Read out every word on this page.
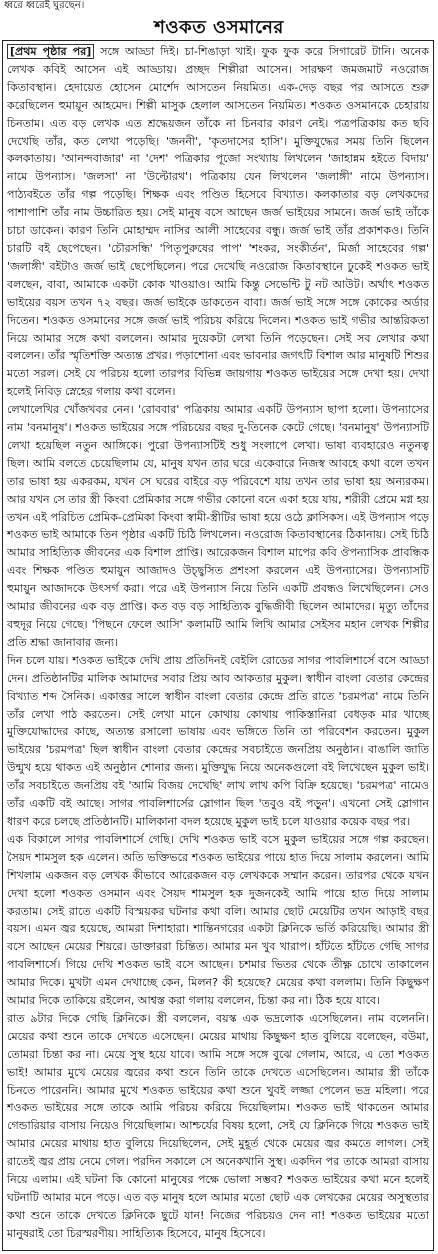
ধ্বরে ধ্বরেই ঘুরছেন।
শওকত ওসমানের

[প্রথম পৃষ্ঠার পর] সঙ্গে আড্ডা দিই। চা-শিঙাড়া খাই। ফুক ফুক করে সিগারেট টানি। অনেক লেখক কবিই আসেন এই আড্ডায়। প্রচ্ছদ শিল্পীরা আসেন। সারক্ষণ জমজমাট নওরোজ কিতাবস্থান। হেদায়েত হোসেন মোর্শেদ আসতেন নিয়মিত। এক-দেড় বছর পর আসতে শুরু করেছিলেন হুমায়ূন আহমেদ। শিল্পী মাসুক হেলাল আসতেন নিয়মিত। শওকত ওসমানকে চেহারায় চিনতাম। এত বড় লেখক এত শ্রদ্ধেয়জন তাঁকে না চিনবার কারণ নেই। পত্রপত্রিকায় কত ছবি দেখেছি তাঁর, কত লেখা পড়েছি। 'জননী', 'কৃতদাসের হাসি'। মুক্তিযুদ্ধের সময় তিনি ছিলেন কলকাতায়। 'আনন্দবাজার' না 'দেশ' পত্রিকার পূজো সংখ্যায় লিখলেন 'জাহান্নম হইতে বিদায়' নামে উপন্যাস। 'জলসা' না 'উল্টোরথ'। পত্রিকায় যেন লিখলেন 'জলাঙ্গী' নামে উপন্যাস। পাঠ্যবইতে তাঁর গল্প পড়েছি। শিক্ষক এবং পণ্ডিত হিসেবে বিখ্যাত। কলকাতার বড় লেখকদের পাশাপাশি তাঁর নাম উচ্চারিত হয়। সেই মানুষ বসে আছেন জর্জ ভাইয়ের সামনে। জর্জ ভাই তাঁকে চাচা ডাকেন। কারণ তিনি মোহাম্মদ নাসির আলী সাহেবের বন্ধু। জর্জ ভাই তাঁর প্রকাশকও। তিনি চারটি বই ছেপেছেন। 'চৌরসন্ধি' 'পিতৃপুরুষের পাপ' 'শংকর, সংকীর্তন', মির্জা সাহেবের গল্প' 'জলাঙ্গী' বইটাও জর্জ ভাই ছেপেছিলেন। পরে দেখেছি নওরোজ কিতাবস্থানে ঢুকেই শওকত ভাই বলছেন, বাবা, আমাকে একটা কোক খাওয়াও। আমি কিন্তু সেভেন্টি টু নট আউট। অর্থাৎ শওকত ভাইয়ের বয়স তখন ৭২ বছর। জর্জ ভাইকে ডাকতেন বাবা। জর্জ ভাই সঙ্গে সঙ্গে কোকের অর্ডার দিতেন। শওকত ওসমানের সঙ্গে জর্জ ভাই পরিচয় করিয়ে দিলেন। শওকত ভাই গভীর আন্তরিকতা নিয়ে আমার সঙ্গে কথা বললেন। আমার দুয়েকটা লেখা তিনি পড়েছেন। সেই সব লেখার কথা বললেন। তাঁর স্মৃতিশক্তি অত্যন্ত প্রখর। পড়াশোনা এবং ভাবনার জগৎটি বিশাল আর মানুষটি শিশুর মতো সরল। সেই যে পরিচয় হলো তারপর বিভিন্ন জায়গায় শওকত ভাইয়ের সঙ্গে দেখা হয়। দেখা হলেই নিবিড় স্নেহের গলায় কথা বলেন।

লেখালেখির খোঁজখবর নেন। 'রোববার' পত্রিকায় আমার একটি উপন্যাস ছাপা হলো। উপন্যাসের নাম 'বনমানুষ'। শওকত ভাইয়ের সঙ্গে পরিচয়ের বছর দু-তিনেক কেটে গেছে। 'বনমানুষ' উপন্যাসটি লেখা হয়েছিল নতুন আঙ্গিকে। পুরো উপন্যাসটিই শুধু সংলাপে লেখা। ভাষা ব্যবহারেও নতুনত্ব ছিল। আমি বলতে চেয়েছিলাম যে, মানুষ যখন তার ঘরে একেবারে নিজস্ব আবহে কথা বলে তখন তার ভাষা হয় একরকম, যখন সে ঘরের বাইরে বড় পরিবেশে যায় তখন তার ভাষা হয় অন্যরকম। আর যখন সে তার স্ত্রী কিংবা প্রেমিকার সঙ্গে গভীর কোনো বনে একা হয়ে যায়, শরীরী প্রেমে মগ্ন হয় তখন এই পরিচিত প্রেমিক-প্রেমিকা কিংবা স্বামী-স্ত্রীটির ভাষা হয়ে ওঠে ক্লাসিকস। এই উপন্যাস পড়ে শওকত ভাই আমাকে তিন পৃষ্ঠার একটি চিঠি লিখলেন। নওরোজ কিতাবস্থানের ঠিকানায়। সেই চিঠি আমার সাহিত্যিক জীবনের এক বিশাল প্রাপ্তি। আরেকজন বিশাল মাপের কবি ঔপন্যাসিক প্রাবন্ধিক এবং শিক্ষক পণ্ডিত হুমায়ুন আজাদও উচ্ছ্বসিত প্রশংসা করলেন এই উপন্যাসের। উপন্যাসটি হুমায়ুন আজাদকে উৎসর্গ করা। পরে এই উপন্যাস নিয়ে তিনি একটি প্রবন্ধও লিখেছিলেন। সেও আমার জীবনের এক বড় প্রাপ্তি। কত বড় বড় সাহিত্যিক বুদ্ধিজীবী ছিলেন আমাদের। মৃত্যু তাঁদের বহুদূর নিয়ে গেছে। 'পিছনে ফেলে আসি' কলামটি আমি লিখি আমার সেইসব মহান লেখক শিল্পীর প্রতি শ্রদ্ধা জানাবার জন্য।

দিন চলে যায়। শওকত ভাইকে দেখি প্রায় প্রতিদিনই বেইলি রোডের সাগর পাবলিশার্সে বসে আড্ডা দেন। প্রতিষ্ঠানটির মালিক আমাদের সবার প্রিয় আব আকতার মুকুল। স্বাধীন বাংলা বেতার কেন্দ্রের বিখ্যাত শব্দ সৈনিক। একাত্তর সালে স্বাধীন বাংলা বেতার কেন্দ্রে প্রতি রাতে 'চরমপত্র' নামে তিনি তাঁর লেখা পাঠ করতেন। সেই লেখা মানে কোথায় কোথায় পাকিস্তানিরা বেধড়ক মার খাচ্ছে মুক্তিযোদ্ধাদের কাছে, অত্যন্ত রসালো ভাষায় এবং ভঙ্গিতে তিনি তা পরিবেশন করতেন। মুকুল ভাইয়ের 'চরমপত্র' ছিল স্বাধীন বাংলা বেতার কেন্দ্রের সবচাইতে জনপ্রিয় অনুষ্ঠান। বাঙালি জাতি উন্মুখ হয়ে থাকত এই অনুষ্ঠান শোনার জন্য। মুক্তিযুদ্ধ নিয়ে অনেকগুলো বই লিখেছেন মুকুল ভাই। তাঁর সবচাইতে জনপ্রিয় বই 'আমি বিজয় দেখেছি' লাখ লাখ কপি বিক্রি হয়েছে। 'চরমপত্র' নামেও তাঁর একটি বই আছে। সাগর পাবলিশার্সের স্লোগান ছিল 'তবুও বই পড়ুন'। এখনো সেই স্লোগান ধারণ করে চলছে প্রতিষ্ঠানটি। মালিকানা বদল হয়েছে মুকুল ভাই চলে যাওয়ার কয়েক বছর পর।

এক বিকালে সাগর পাবলিশার্সে গেছি। দেখি শওকত ভাই বসে মুকুল ভাইয়ের সঙ্গে গল্প করছেন। সৈয়দ শামসুল হক এলেন। অতি ভক্তিভরে শওকত ভাইয়ের পায়ে হাত দিয়ে সালাম করলেন। আমি শিখলাম একজন বড় লেখক কীভাবে আরেকজন বড় লেখককে সম্মান করেন। তারপর থেকে যখন দেখা হলো শওকত ওসমান এবং সৈয়দ শামসুল হক দুজনকেই আমি পায়ে হাত দিয়ে সালাম করতাম। সেই রাতে একটি বিস্ময়কর ঘটনার কথা বলি। আমার ছোট মেয়েটির তখন আড়াই বছর বয়স। এমন জ্বর হয়েছে, আমরা দিশাহারা। শান্তিনগরের একটা ক্লিনিকে ভর্তি করিয়েছি। আমার স্ত্রী বসে আছেন মেয়ের শিয়রে। ডাক্তাররা চিন্তিত। আমার মন খুব খারাপ। হাঁটতে হাঁটতে গেছি সাগর পাবলিশার্সে। গিয়ে দেখি শওকত ভাই বসে আছেন। চশমার ভিতর থেকে তীক্ষ্ণ চোখে তাকালেন আমার দিকে। মুখটা এমন দেখাচ্ছে কেন, মিলন? কী হয়েছে? মেয়ের কথা বললাম। তিনি কিছুক্ষণ আমার দিকে তাকিয়ে রইলেন, আশ্বস্ত করা গলায় বললেন, চিন্তা কর না। ঠিক হয়ে যাবে।

রাত ৯টার দিকে গেছি ক্লিনিকে। স্ত্রী বললেন, বয়স্ক এক ভদ্রলোক এসেছিলেন। নাম বলেননি। মেয়ের কথা শুনে তাকে দেখতে এসেছেন। মেয়ের মাথায় কিছুক্ষণ হাত বুলিয়ে বলেছেন, বউমা, তোমরা চিন্তা কর না। মেয়ে সুস্থ হয়ে যাবে। আমি সঙ্গে সঙ্গে বুঝে গেলাম, আরে, এ তো শওকত ভাই! আমার মুখে মেয়ের জ্বরের কথা শুনে তিনি তাকে দেখতে এসেছিলেন। আমার স্ত্রী তাঁকে চিনতে পারেননি। আমার মুখে শওকত ভাইয়ের কথা শুনে খুবই লজ্জা পেলেন ভদ্র মহিলা। পরে শওকত ভাইয়ের সঙ্গে তাকে আমি পরিচয় করিয়ে দিয়েছিলাম। শওকত ভাই থাকতেন আমার গেন্ডারিয়ার বাসায় নিয়েও গিয়েছিলাম। আশ্চর্যের বিষয় হলো, সেই যে ক্লিনিকে গিয়ে শওকত ভাই আমার মেয়ের মাথায় হাত বুলিয়ে দিয়েছিলেন, সেই মুহূর্ত থেকে মেয়ের জ্বর কমতে লাগল। সেই রাতেই জ্বর প্রায় নেমে গেল। পরদিন সকালে সে অনেকখানি সুস্থ। একদিন পর তাকে আমরা বাসায় নিয়ে এলাম। এই ঘটনা কি কোনো মানুষের পক্ষে ভোলা সম্ভব? শওকত ভাইয়ের কথা মনে হলেই ঘটনাটি আমার মনে পড়ে। এত বড় মানুষ হলে আমার মতো ছোট এক লেখকের মেয়ের অসুস্থতার কথা শুনে তাকে দেখতে ক্লিনিকে ছুটে যান! নিজের পরিচয়ও দেন না! শওকত ভাইয়ের মতো মানুষরাই তো চিরস্মরণীয়। সাহিত্যিক হিসেবে, মানুষ হিসেবে।
